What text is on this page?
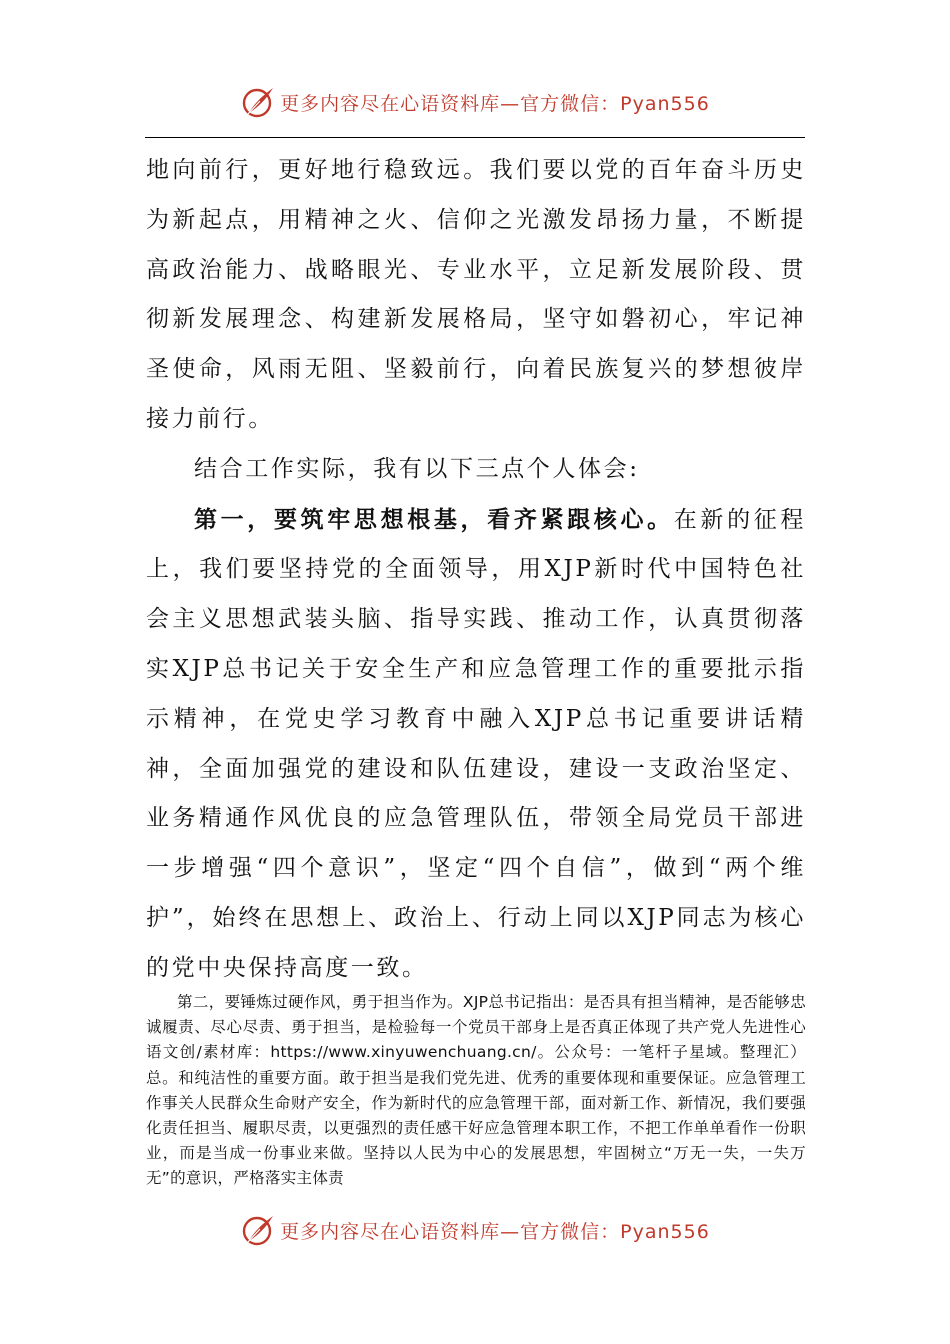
更多内容尽在心语资料库—官方微信：Pyan556

地向前行，更好地行稳致远。我们要以党的百年奋斗历史为新起点，用精神之火、信仰之光激发昂扬力量，不断提高政治能力、战略眼光、专业水平，立足新发展阶段、贯彻新发展理念、构建新发展格局，坚守如磐初心，牢记神圣使命，风雨无阻、坚毅前行，向着民族复兴的梦想彼岸接力前行。

结合工作实际，我有以下三点个人体会:

第一，要筑牢思想根基，看齐紧跟核心。在新的征程上，我们要坚持党的全面领导，用XJP新时代中国特色社会主义思想武装头脑、指导实践、推动工作，认真贯彻落实XJP总书记关于安全生产和应急管理工作的重要批示指示精神，在党史学习教育中融入XJP总书记重要讲话精神，全面加强党的建设和队伍建设，建设一支政治坚定、业务精通作风优良的应急管理队伍，带领全局党员干部进一步增强“四个意识”，坚定“四个自信”，做到“两个维护”，始终在思想上、政治上、行动上同以XJP同志为核心的党中央保持高度一致。

第二，要锤炼过硬作风，勇于担当作为。XJP总书记指出：是否具有担当精神，是否能够忠诚履责、尽心尽责、勇于担当，是检验每一个党员干部身上是否真正体现了共产党人先进性心语文创/素材库：https://www.xinyuwenchuang.cn/。公众号：一笔杆子星域。整理汇）总。和纯洁性的重要方面。敢于担当是我们党先进、优秀的重要体现和重要保证。应急管理工作事关人民群众生命财产安全，作为新时代的应急管理干部，面对新工作、新情况，我们要强化责任担当、履职尽责，以更强烈的责任感干好应急管理本职工作，不把工作单单看作一份职业，而是当成一份事业来做。坚持以人民为中心的发展思想，牢固树立“万无一失，一失万无”的意识，严格落实主体责

更多内容尽在心语资料库—官方微信：Pyan556
